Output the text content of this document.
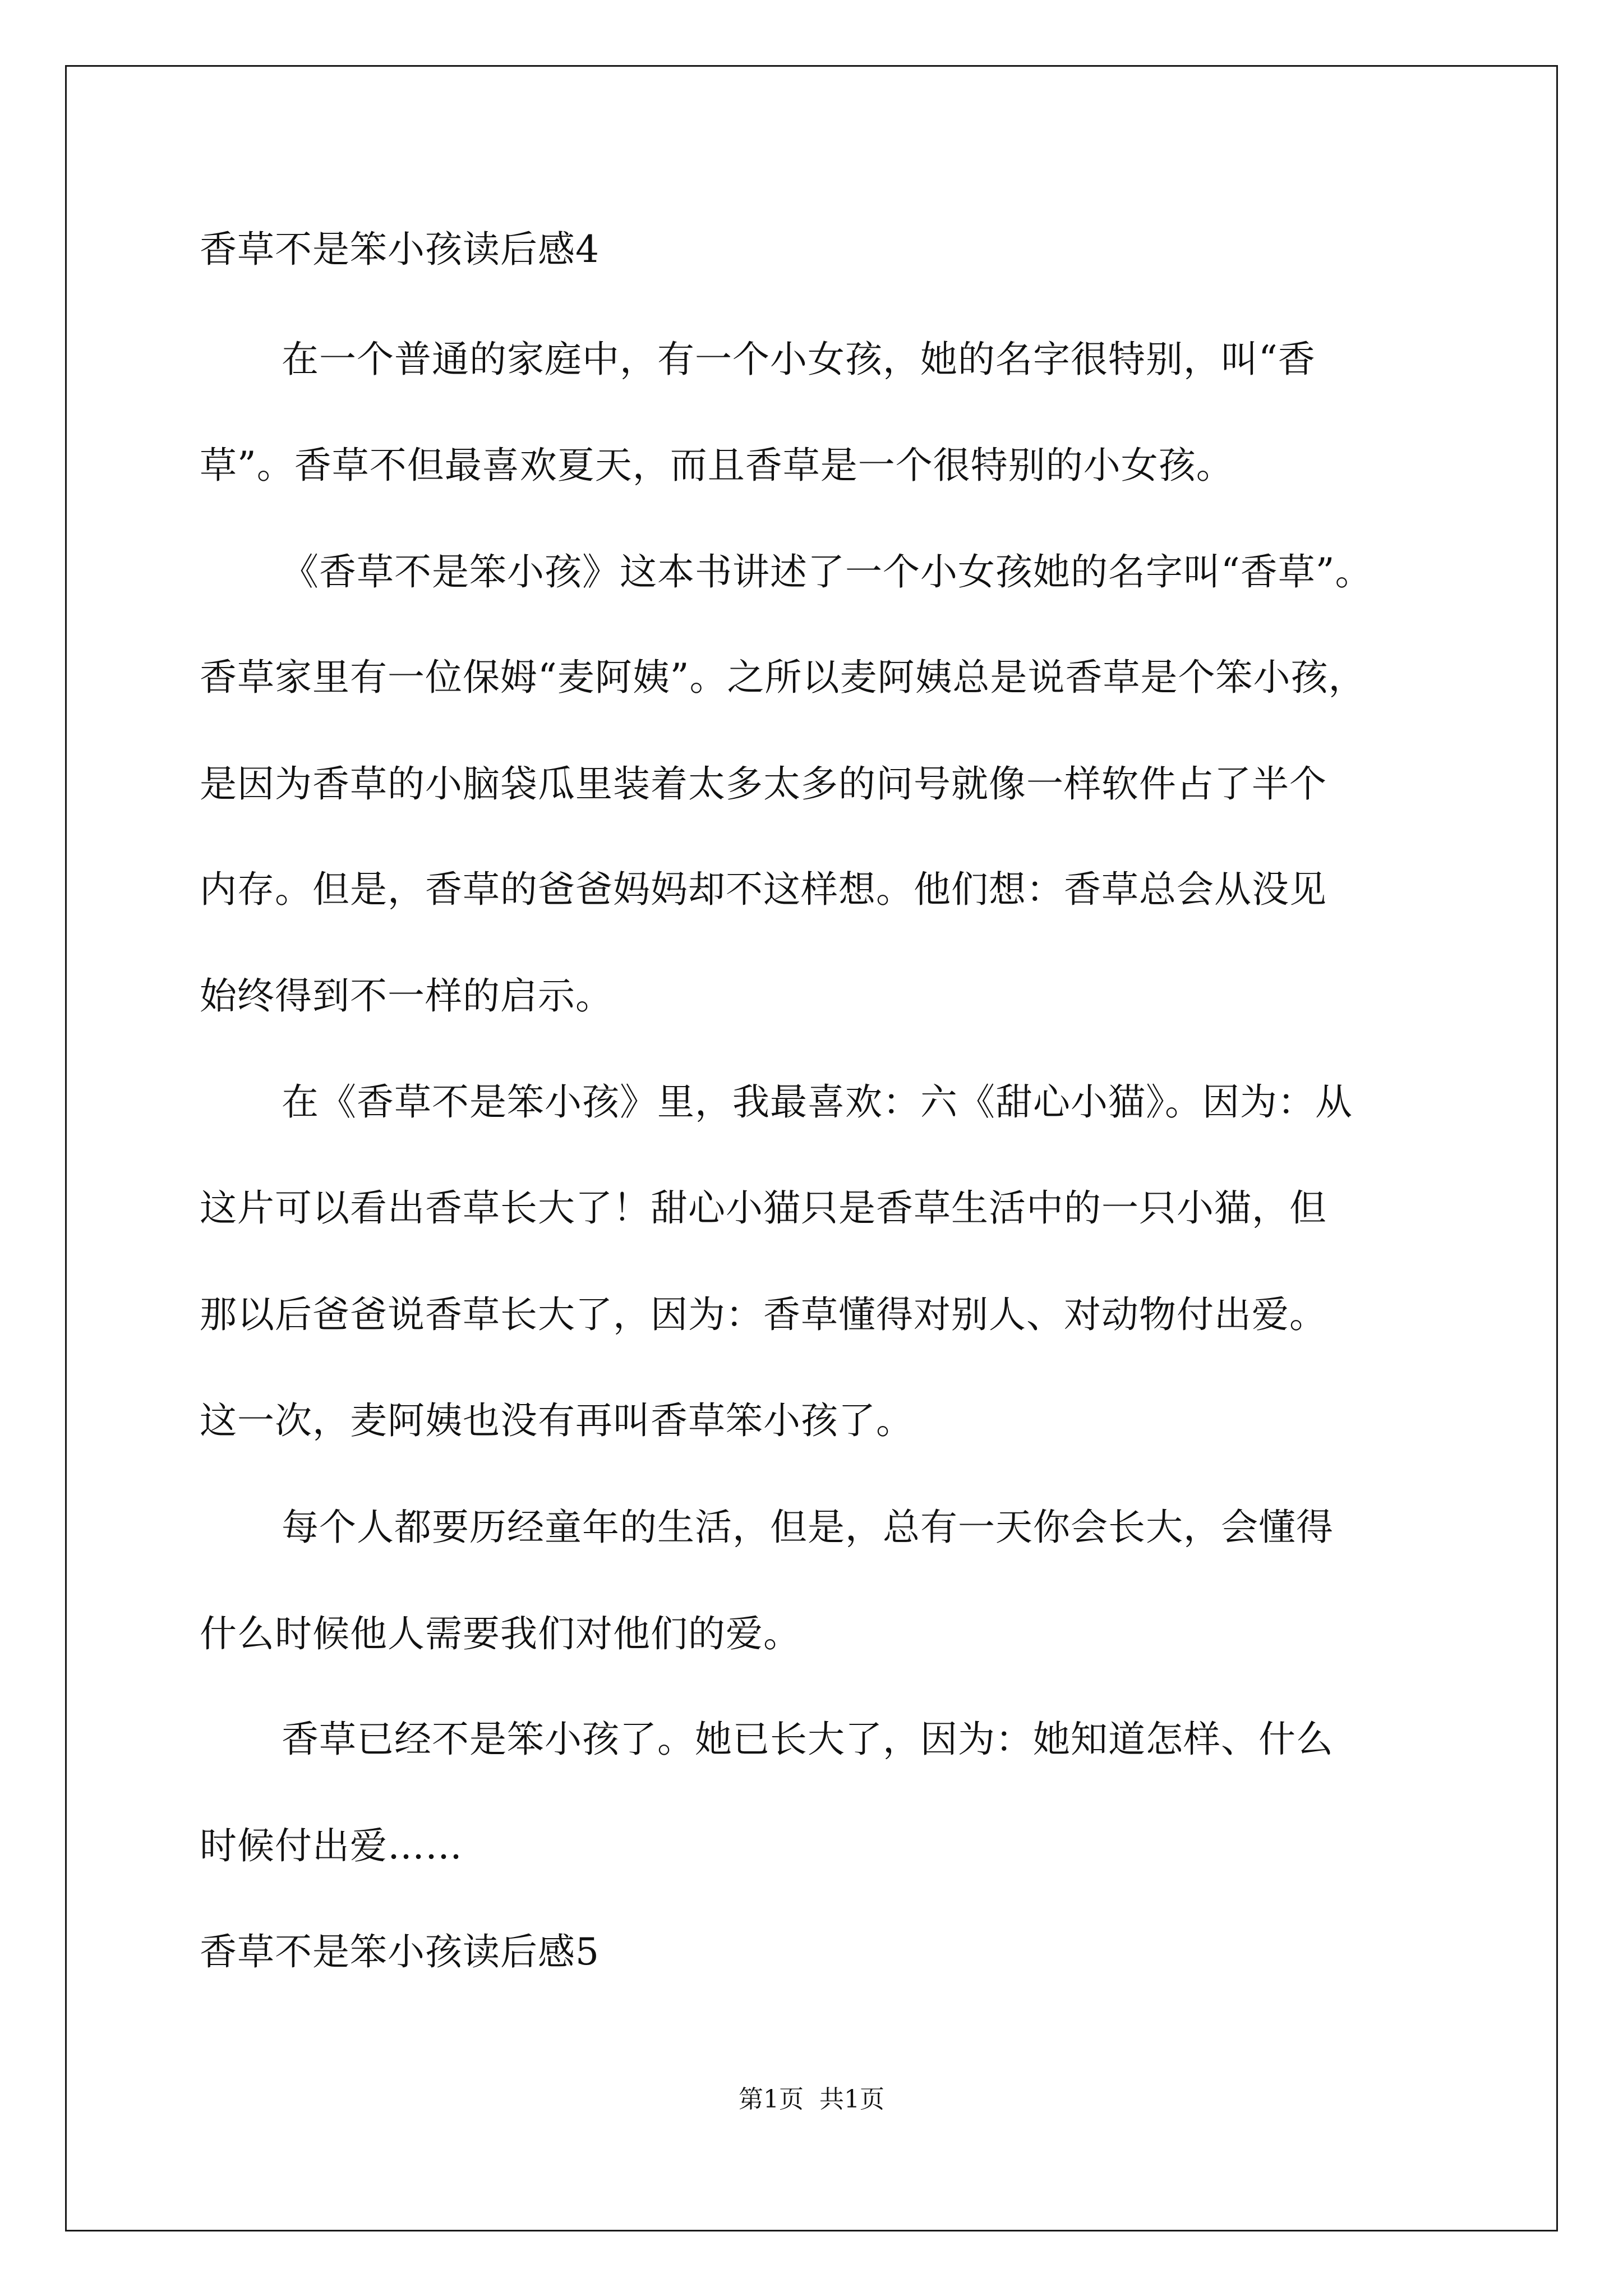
香草不是笨小孩读后感4
在一个普通的家庭中，有一个小女孩，她的名字很特别，叫“香
草”。香草不但最喜欢夏天，而且香草是一个很特别的小女孩。
《香草不是笨小孩》这本书讲述了一个小女孩她的名字叫“香草”。
香草家里有一位保姆“麦阿姨”。之所以麦阿姨总是说香草是个笨小孩，
是因为香草的小脑袋瓜里装着太多太多的问号就像一样软件占了半个
内存。但是，香草的爸爸妈妈却不这样想。他们想：香草总会从没见
始终得到不一样的启示。
在《香草不是笨小孩》里，我最喜欢：六《甜心小猫》。因为：从
这片可以看出香草长大了！甜心小猫只是香草生活中的一只小猫，但
那以后爸爸说香草长大了，因为：香草懂得对别人、对动物付出爱。
这一次，麦阿姨也没有再叫香草笨小孩了。
每个人都要历经童年的生活，但是，总有一天你会长大，会懂得
什么时候他人需要我们对他们的爱。
香草已经不是笨小孩了。她已长大了，因为：她知道怎样、什么
时候付出爱……
香草不是笨小孩读后感5
第1页 共1页
